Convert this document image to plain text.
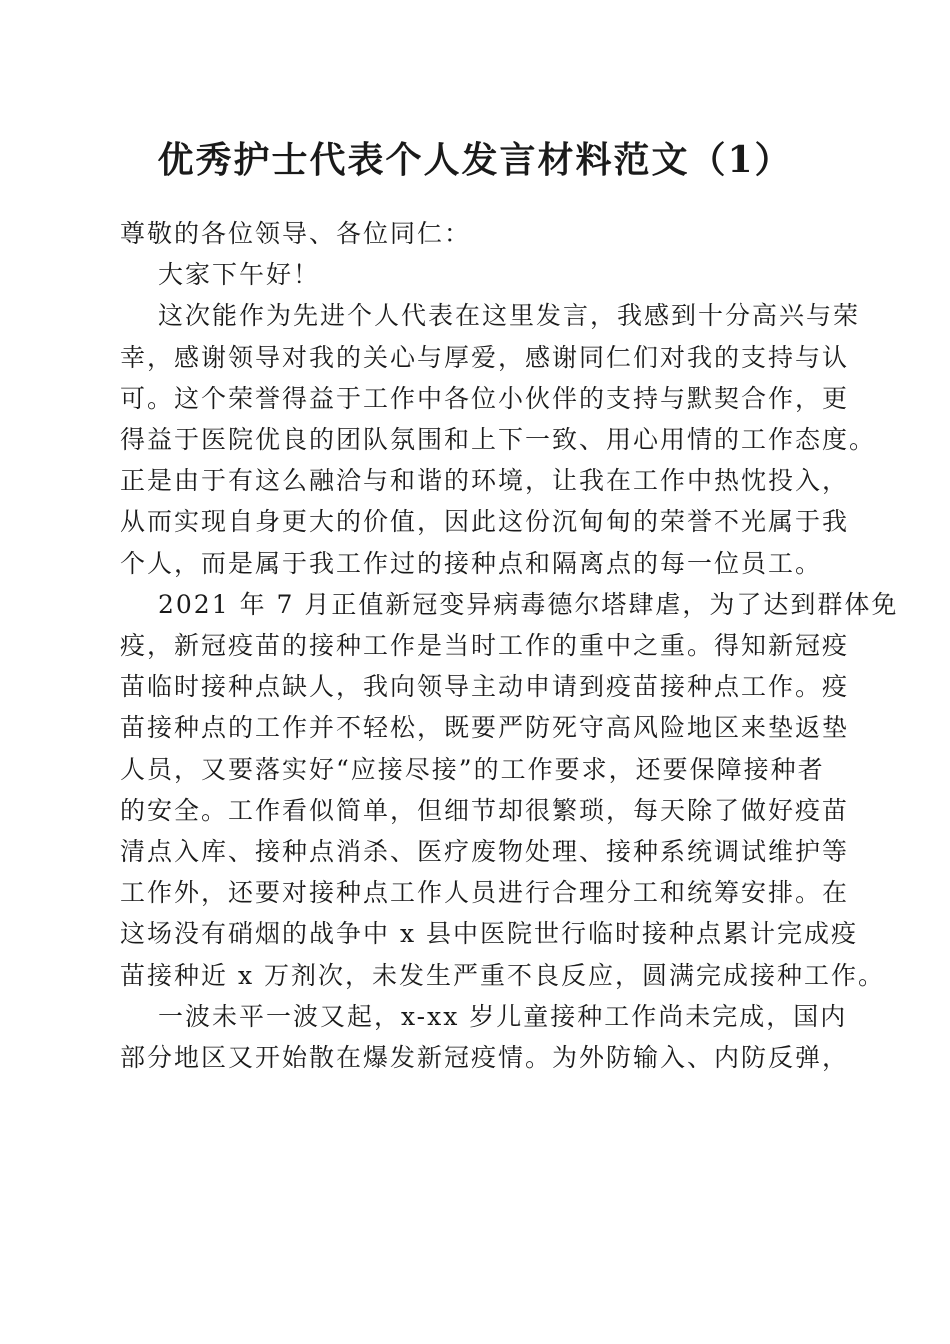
优秀护士代表个人发言材料范文（1）

尊敬的各位领导、各位同仁：

大家下午好！

这次能作为先进个人代表在这里发言，我感到十分高兴与荣

幸，感谢领导对我的关心与厚爱，感谢同仁们对我的支持与认

可。这个荣誉得益于工作中各位小伙伴的支持与默契合作，更

得益于医院优良的团队氛围和上下一致、用心用情的工作态度。

正是由于有这么融洽与和谐的环境，让我在工作中热忱投入，

从而实现自身更大的价值，因此这份沉甸甸的荣誉不光属于我

个人，而是属于我工作过的接种点和隔离点的每一位员工。

2021 年 7 月正值新冠变异病毒德尔塔肆虐，为了达到群体免

疫，新冠疫苗的接种工作是当时工作的重中之重。得知新冠疫

苗临时接种点缺人，我向领导主动申请到疫苗接种点工作。疫

苗接种点的工作并不轻松，既要严防死守高风险地区来垫返垫

人员，又要落实好“应接尽接”的工作要求，还要保障接种者

的安全。工作看似简单，但细节却很繁琐，每天除了做好疫苗

清点入库、接种点消杀、医疗废物处理、接种系统调试维护等

工作外，还要对接种点工作人员进行合理分工和统筹安排。在

这场没有硝烟的战争中 x 县中医院世行临时接种点累计完成疫

苗接种近 x 万剂次，未发生严重不良反应，圆满完成接种工作。

一波未平一波又起，x-xx 岁儿童接种工作尚未完成，国内

部分地区又开始散在爆发新冠疫情。为外防输入、内防反弹，
